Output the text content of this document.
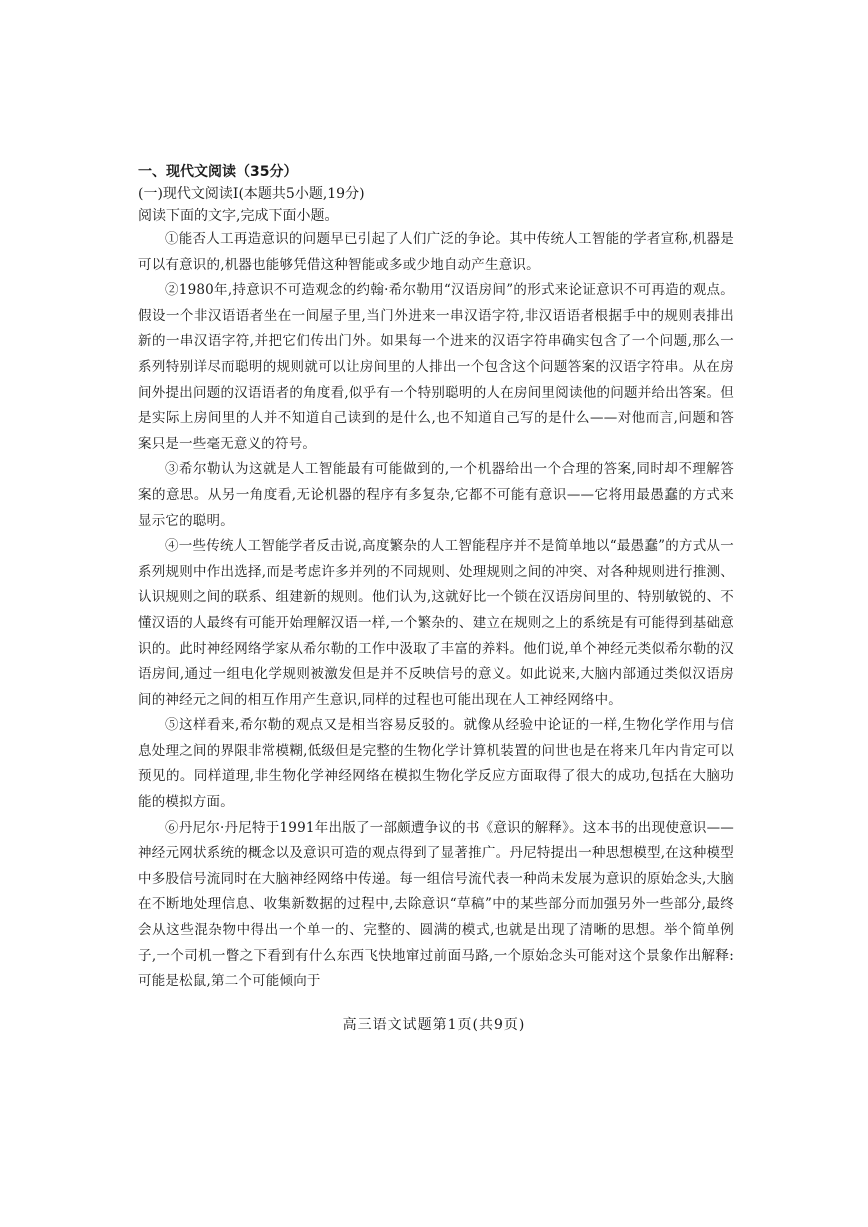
一、现代文阅读（35分）

(一)现代文阅读I(本题共5小题,19分)

阅读下面的文字,完成下面小题。

①能否人工再造意识的问题早已引起了人们广泛的争论。其中传统人工智能的学者宣称,机器是可以有意识的,机器也能够凭借这种智能或多或少地自动产生意识。

②1980年,持意识不可造观念的约翰·希尔勒用“汉语房间”的形式来论证意识不可再造的观点。假设一个非汉语语者坐在一间屋子里,当门外进来一串汉语字符,非汉语语者根据手中的规则表排出新的一串汉语字符,并把它们传出门外。如果每一个进来的汉语字符串确实包含了一个问题,那么一系列特别详尽而聪明的规则就可以让房间里的人排出一个包含这个问题答案的汉语字符串。从在房间外提出问题的汉语语者的角度看,似乎有一个特别聪明的人在房间里阅读他的问题并给出答案。但是实际上房间里的人并不知道自己读到的是什么,也不知道自己写的是什么——对他而言,问题和答案只是一些毫无意义的符号。

③希尔勒认为这就是人工智能最有可能做到的,一个机器给出一个合理的答案,同时却不理解答案的意思。从另一角度看,无论机器的程序有多复杂,它都不可能有意识——它将用最愚蠢的方式来显示它的聪明。

④一些传统人工智能学者反击说,高度繁杂的人工智能程序并不是简单地以“最愚蠢”的方式从一系列规则中作出选择,而是考虑许多并列的不同规则、处理规则之间的冲突、对各种规则进行推测、认识规则之间的联系、组建新的规则。他们认为,这就好比一个锁在汉语房间里的、特别敏锐的、不懂汉语的人最终有可能开始理解汉语一样,一个繁杂的、建立在规则之上的系统是有可能得到基础意识的。此时神经网络学家从希尔勒的工作中汲取了丰富的养料。他们说,单个神经元类似希尔勒的汉语房间,通过一组电化学规则被激发但是并不反映信号的意义。如此说来,大脑内部通过类似汉语房间的神经元之间的相互作用产生意识,同样的过程也可能出现在人工神经网络中。

⑤这样看来,希尔勒的观点又是相当容易反驳的。就像从经验中论证的一样,生物化学作用与信息处理之间的界限非常模糊,低级但是完整的生物化学计算机装置的问世也是在将来几年内肯定可以预见的。同样道理,非生物化学神经网络在模拟生物化学反应方面取得了很大的成功,包括在大脑功能的模拟方面。

⑥丹尼尔·丹尼特于1991年出版了一部颇遭争议的书《意识的解释》。这本书的出现使意识——神经元网状系统的概念以及意识可造的观点得到了显著推广。丹尼特提出一种思想模型,在这种模型中多股信号流同时在大脑神经网络中传递。每一组信号流代表一种尚未发展为意识的原始念头,大脑在不断地处理信息、收集新数据的过程中,去除意识“草稿”中的某些部分而加强另外一些部分,最终会从这些混杂物中得出一个单一的、完整的、圆满的模式,也就是出现了清晰的思想。举个简单例子,一个司机一瞥之下看到有什么东西飞快地窜过前面马路,一个原始念头可能对这个景象作出解释:可能是松鼠,第二个可能倾向于

高三语文试题第1页(共9页)
